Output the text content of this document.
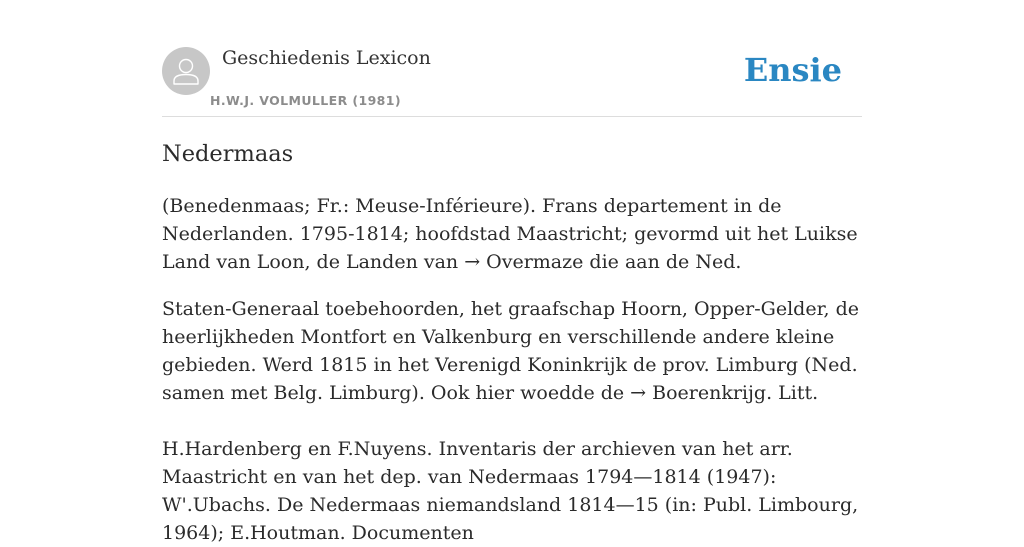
Geschiedenis Lexicon
H.W.J. VOLMULLER (1981)
Ensie
Nedermaas

(Benedenmaas; Fr.: Meuse-Inférieure). Frans departement in de Nederlanden. 1795-1814; hoofdstad Maastricht; gevormd uit het Luikse Land van Loon, de Landen van → Overmaze die aan de Ned.

Staten-Generaal toebehoorden, het graafschap Hoorn, Opper-Gelder, de heerlijkheden Montfort en Valkenburg en verschillende andere kleine gebieden. Werd 1815 in het Verenigd Koninkrijk de prov. Limburg (Ned. samen met Belg. Limburg). Ook hier woedde de → Boerenkrijg. Litt.

H.Hardenberg en F.Nuyens. Inventaris der archieven van het arr. Maastricht en van het dep. van Nedermaas 1794—1814 (1947): W'.Ubachs. De Nedermaas niemandsland 1814—15 (in: Publ. Limbourg, 1964); E.Houtman. Documenten
